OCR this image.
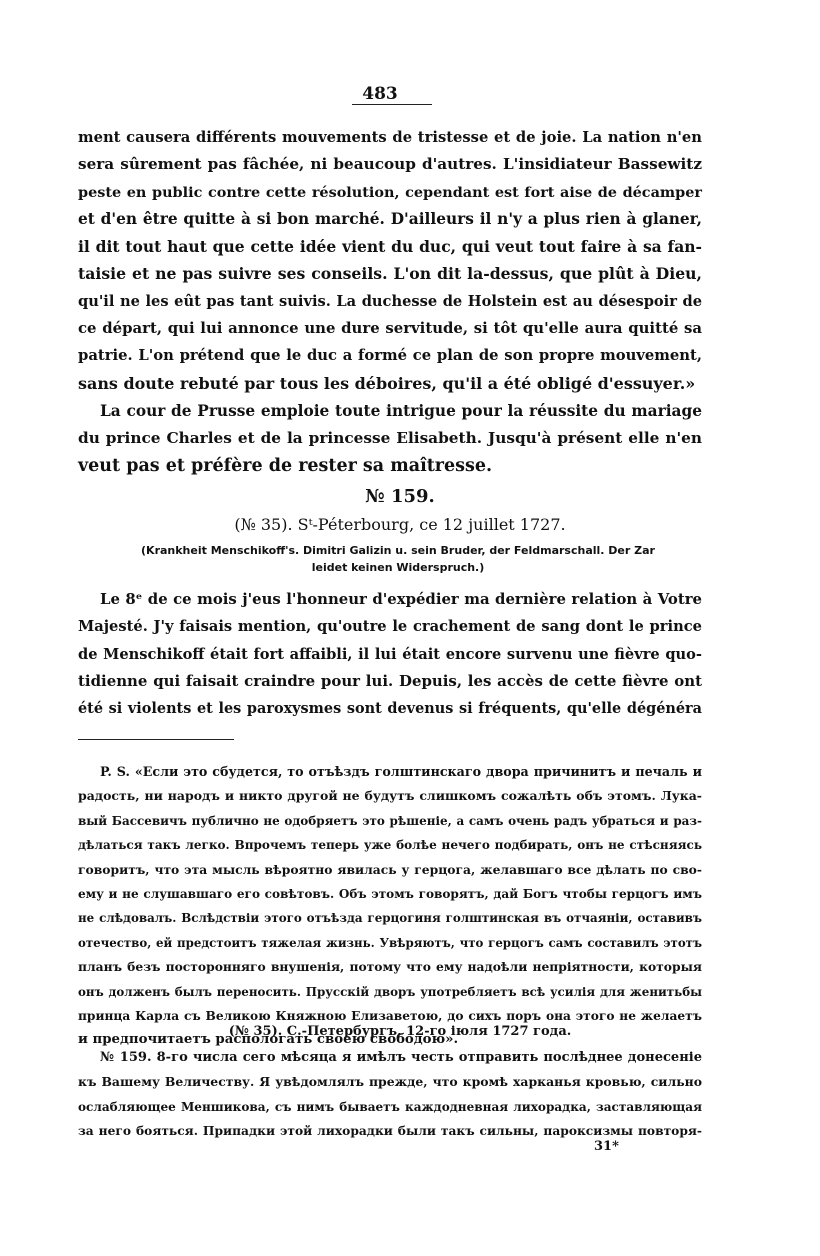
483
ment causera différents mouvements de tristesse et de joie. La nation n'en
sera sûrement pas fâchée, ni beaucoup d'autres. L'insidiateur Bassewitz
peste en public contre cette résolution, cependant est fort aise de décamper
et d'en être quitte à si bon marché. D'ailleurs il n'y a plus rien à glaner,
il dit tout haut que cette idée vient du duc, qui veut tout faire à sa fan-
taisie et ne pas suivre ses conseils. L'on dit la-dessus, que plût à Dieu,
qu'il ne les eût pas tant suivis. La duchesse de Holstein est au désespoir de
ce départ, qui lui annonce une dure servitude, si tôt qu'elle aura quitté sa
patrie. L'on prétend que le duc a formé ce plan de son propre mouvement,
sans doute rebuté par tous les déboires, qu'il a été obligé d'essuyer.»
La cour de Prusse emploie toute intrigue pour la réussite du mariage
du prince Charles et de la princesse Elisabeth. Jusqu'à présent elle n'en
veut pas et préfère de rester sa maîtresse.
№ 159.
(№ 35). Sᵗ-Péterbourg, ce 12 juillet 1727.
(Krankheit Menschikoff's. Dimitri Galizin u. sein Bruder, der Feldmarschall. Der Zar
leidet keinen Widerspruch.)
Le 8ᵉ de ce mois j'eus l'honneur d'expédier ma dernière relation à Votre
Majesté. J'y faisais mention, qu'outre le crachement de sang dont le prince
de Menschikoff était fort affaibli, il lui était encore survenu une fièvre quo-
tidienne qui faisait craindre pour lui. Depuis, les accès de cette fièvre ont
été si violents et les paroxysmes sont devenus si fréquents, qu'elle dégénéra
P. S. «Если это сбудется, то отъѣздъ голштинскаго двора причинитъ и печаль и
радость, ни народъ и никто другой не будутъ слишкомъ сожалѣть объ этомъ. Лука-
вый Бассевичъ публично не одобряетъ это рѣшеніе, а самъ очень радъ убраться и раз-
дѣлаться такъ легко. Впрочемъ теперь уже болѣе нечего подбирать, онъ не стѣсняясь
говоритъ, что эта мысль вѣроятно явилась у герцога, желавшаго все дѣлать по сво-
ему и не слушавшаго его совѣтовъ. Объ этомъ говорятъ, дай Богъ чтобы герцогъ имъ
не слѣдовалъ. Вслѣдствіи этого отъѣзда герцогиня голштинская въ отчаяніи, оставивъ
отечество, ей предстоитъ тяжелая жизнь. Увѣряютъ, что герцогъ самъ составилъ этотъ
планъ безъ посторонняго внушенія, потому что ему надоѣли непріятности, которыя
онъ долженъ былъ переносить. Прусскій дворъ употребляетъ всѣ усилія для женитьбы
принца Карла съ Великою Княжною Елизаветою, до сихъ поръ она этого не желаетъ
и предпочитаетъ распологать своею свободою».
(№ 35). С.-Петербургъ, 12-го іюля 1727 года.
№ 159. 8-го числа сего мѣсяца я имѣлъ честь отправить послѣднее донесеніе
къ Вашему Величеству. Я увѣдомлялъ прежде, что кромѣ харканья кровью, сильно
ослабляющее Меншикова, съ нимъ бываетъ каждодневная лихорадка, заставляющая
за него бояться. Припадки этой лихорадки были такъ сильны, пароксизмы повторя-
31*
